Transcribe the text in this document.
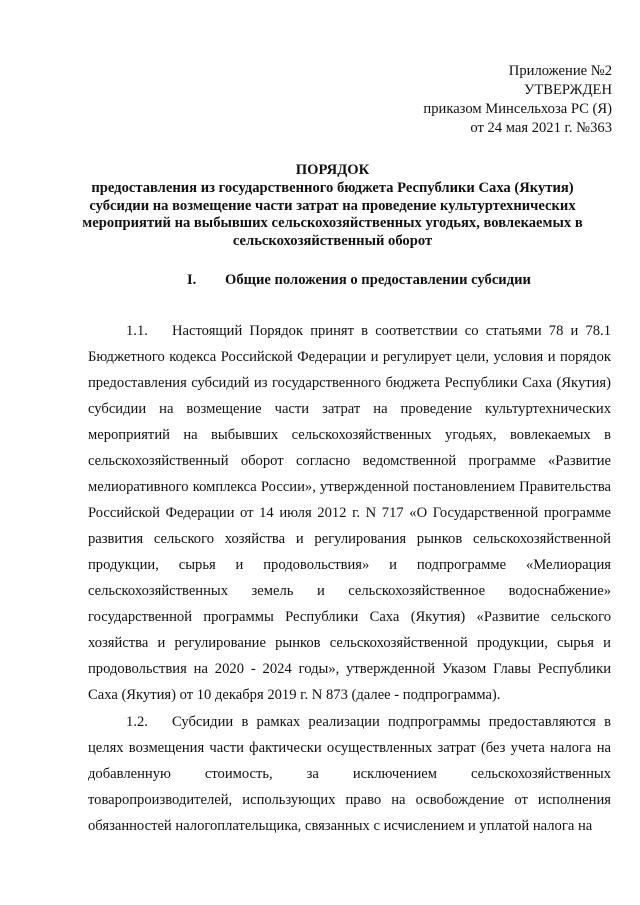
Приложение №2
УТВЕРЖДЕН
приказом Минсельхоза РС (Я)
от 24 мая 2021 г. №363
ПОРЯДОК
предоставления из государственного бюджета Республики Саха (Якутия) субсидии на возмещение части затрат на проведение культуртехнических мероприятий на выбывших сельскохозяйственных угодьях, вовлекаемых в сельскохозяйственный оборот
I. Общие положения о предоставлении субсидии

1.1. Настоящий Порядок принят в соответствии со статьями 78 и 78.1 Бюджетного кодекса Российской Федерации и регулирует цели, условия и порядок предоставления субсидий из государственного бюджета Республики Саха (Якутия) субсидии на возмещение части затрат на проведение культуртехнических мероприятий на выбывших сельскохозяйственных угодьях, вовлекаемых в сельскохозяйственный оборот согласно ведомственной программе «Развитие мелиоративного комплекса России», утвержденной постановлением Правительства Российской Федерации от 14 июля 2012 г. N 717 «О Государственной программе развития сельского хозяйства и регулирования рынков сельскохозяйственной продукции, сырья и продовольствия» и подпрограмме «Мелиорация сельскохозяйственных земель и сельскохозяйственное водоснабжение» государственной программы Республики Саха (Якутия) «Развитие сельского хозяйства и регулирование рынков сельскохозяйственной продукции, сырья и продовольствия на 2020 - 2024 годы», утвержденной Указом Главы Республики Саха (Якутия) от 10 декабря 2019 г. N 873 (далее - подпрограмма).

1.2. Субсидии в рамках реализации подпрограммы предоставляются в целях возмещения части фактически осуществленных затрат (без учета налога на добавленную стоимость, за исключением сельскохозяйственных товаропроизводителей, использующих право на освобождение от исполнения обязанностей налогоплательщика, связанных с исчислением и уплатой налога на
